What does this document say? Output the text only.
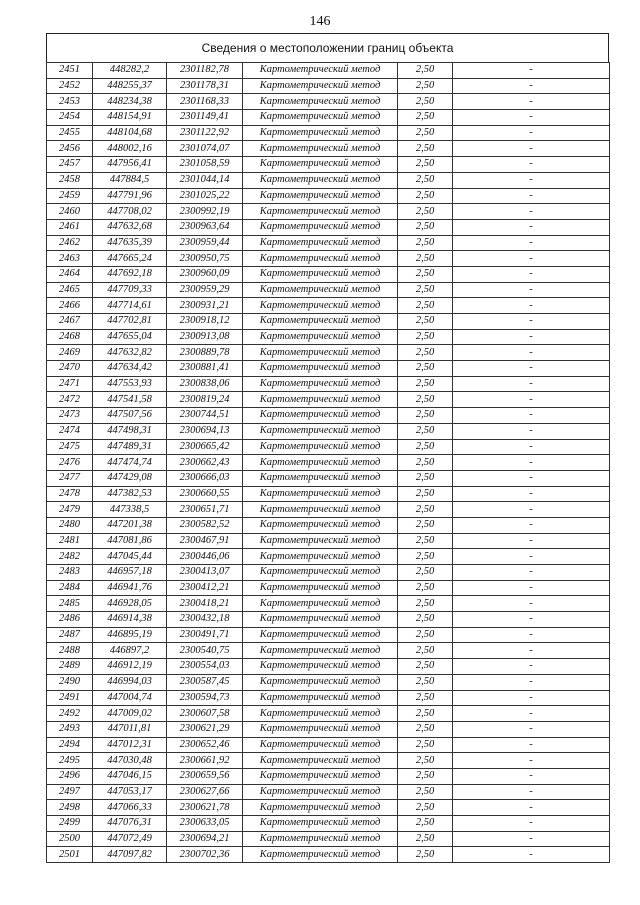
146
Сведения о местоположении границ объекта
2451	448282,2	2301182,78	Картометрический метод	2,50		-
2452	448255,37	2301178,31	Картометрический метод	2,50		-
2453	448234,38	2301168,33	Картометрический метод	2,50		-
2454	448154,91	2301149,41	Картометрический метод	2,50		-
2455	448104,68	2301122,92	Картометрический метод	2,50		-
2456	448002,16	2301074,07	Картометрический метод	2,50		-
2457	447956,41	2301058,59	Картометрический метод	2,50		-
2458	447884,5	2301044,14	Картометрический метод	2,50		-
2459	447791,96	2301025,22	Картометрический метод	2,50		-
2460	447708,02	2300992,19	Картометрический метод	2,50		-
2461	447632,68	2300963,64	Картометрический метод	2,50		-
2462	447635,39	2300959,44	Картометрический метод	2,50		-
2463	447665,24	2300950,75	Картометрический метод	2,50		-
2464	447692,18	2300960,09	Картометрический метод	2,50		-
2465	447709,33	2300959,29	Картометрический метод	2,50		-
2466	447714,61	2300931,21	Картометрический метод	2,50		-
2467	447702,81	2300918,12	Картометрический метод	2,50		-
2468	447655,04	2300913,08	Картометрический метод	2,50		-
2469	447632,82	2300889,78	Картометрический метод	2,50		-
2470	447634,42	2300881,41	Картометрический метод	2,50		-
2471	447553,93	2300838,06	Картометрический метод	2,50		-
2472	447541,58	2300819,24	Картометрический метод	2,50		-
2473	447507,56	2300744,51	Картометрический метод	2,50		-
2474	447498,31	2300694,13	Картометрический метод	2,50		-
2475	447489,31	2300665,42	Картометрический метод	2,50		-
2476	447474,74	2300662,43	Картометрический метод	2,50		-
2477	447429,08	2300666,03	Картометрический метод	2,50		-
2478	447382,53	2300660,55	Картометрический метод	2,50		-
2479	447338,5	2300651,71	Картометрический метод	2,50		-
2480	447201,38	2300582,52	Картометрический метод	2,50		-
2481	447081,86	2300467,91	Картометрический метод	2,50		-
2482	447045,44	2300446,06	Картометрический метод	2,50		-
2483	446957,18	2300413,07	Картометрический метод	2,50		-
2484	446941,76	2300412,21	Картометрический метод	2,50		-
2485	446928,05	2300418,21	Картометрический метод	2,50		-
2486	446914,38	2300432,18	Картометрический метод	2,50		-
2487	446895,19	2300491,71	Картометрический метод	2,50		-
2488	446897,2	2300540,75	Картометрический метод	2,50		-
2489	446912,19	2300554,03	Картометрический метод	2,50		-
2490	446994,03	2300587,45	Картометрический метод	2,50		-
2491	447004,74	2300594,73	Картометрический метод	2,50		-
2492	447009,02	2300607,58	Картометрический метод	2,50		-
2493	447011,81	2300621,29	Картометрический метод	2,50		-
2494	447012,31	2300652,46	Картометрический метод	2,50		-
2495	447030,48	2300661,92	Картометрический метод	2,50		-
2496	447046,15	2300659,56	Картометрический метод	2,50		-
2497	447053,17	2300627,66	Картометрический метод	2,50		-
2498	447066,33	2300621,78	Картометрический метод	2,50		-
2499	447076,31	2300633,05	Картометрический метод	2,50		-
2500	447072,49	2300694,21	Картометрический метод	2,50		-
2501	447097,82	2300702,36	Картометрический метод	2,50		-
